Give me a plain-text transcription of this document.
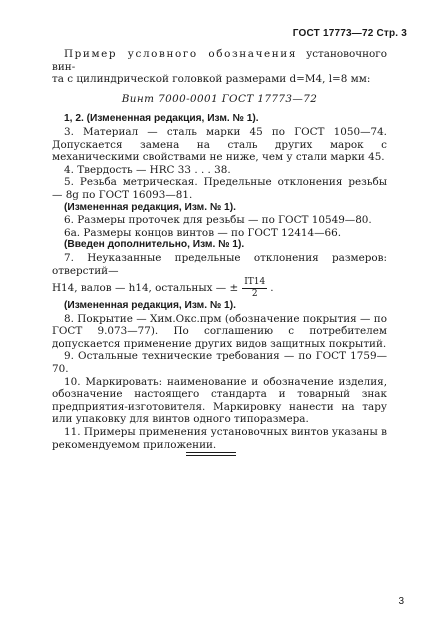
ГОСТ 17773—72 Стр. 3

Пример условного обозначения установочного вин-

та с цилиндрической головкой размерами d=M4, l=8 мм:

Винт 7000-0001 ГОСТ 17773—72

1, 2. (Измененная редакция, Изм. № 1).

3. Материал — сталь марки 45 по ГОСТ 1050—74. Допускается замена на сталь других марок с механическими свойствами не ниже, чем у стали марки 45.

4. Твердость — HRC 33 . . . 38.

5. Резьба метрическая. Предельные отклонения резьбы — 8g по ГОСТ 16093—81.

(Измененная редакция, Изм. № 1).

6. Размеры проточек для резьбы — по ГОСТ 10549—80.

6а. Размеры концов винтов — по ГОСТ 12414—66.

(Введен дополнительно, Изм. № 1).

7. Неуказанные предельные отклонения размеров: отверстий—

H14, валов — h14, остальных — ± $\frac{IT14}{2}$ .

(Измененная редакция, Изм. № 1).

8. Покрытие — Хим.Окс.прм (обозначение покрытия — по ГОСТ 9.073—77). По соглашению с потребителем допускается применение других видов защитных покрытий.

9. Остальные технические требования — по ГОСТ 1759—70.

10. Маркировать: наименование и обозначение изделия, обозначение настоящего стандарта и товарный знак предприятия-изготовителя. Маркировку нанести на тару или упаковку для винтов одного типоразмера.

11. Примеры применения установочных винтов указаны в рекомендуемом приложении.

3
